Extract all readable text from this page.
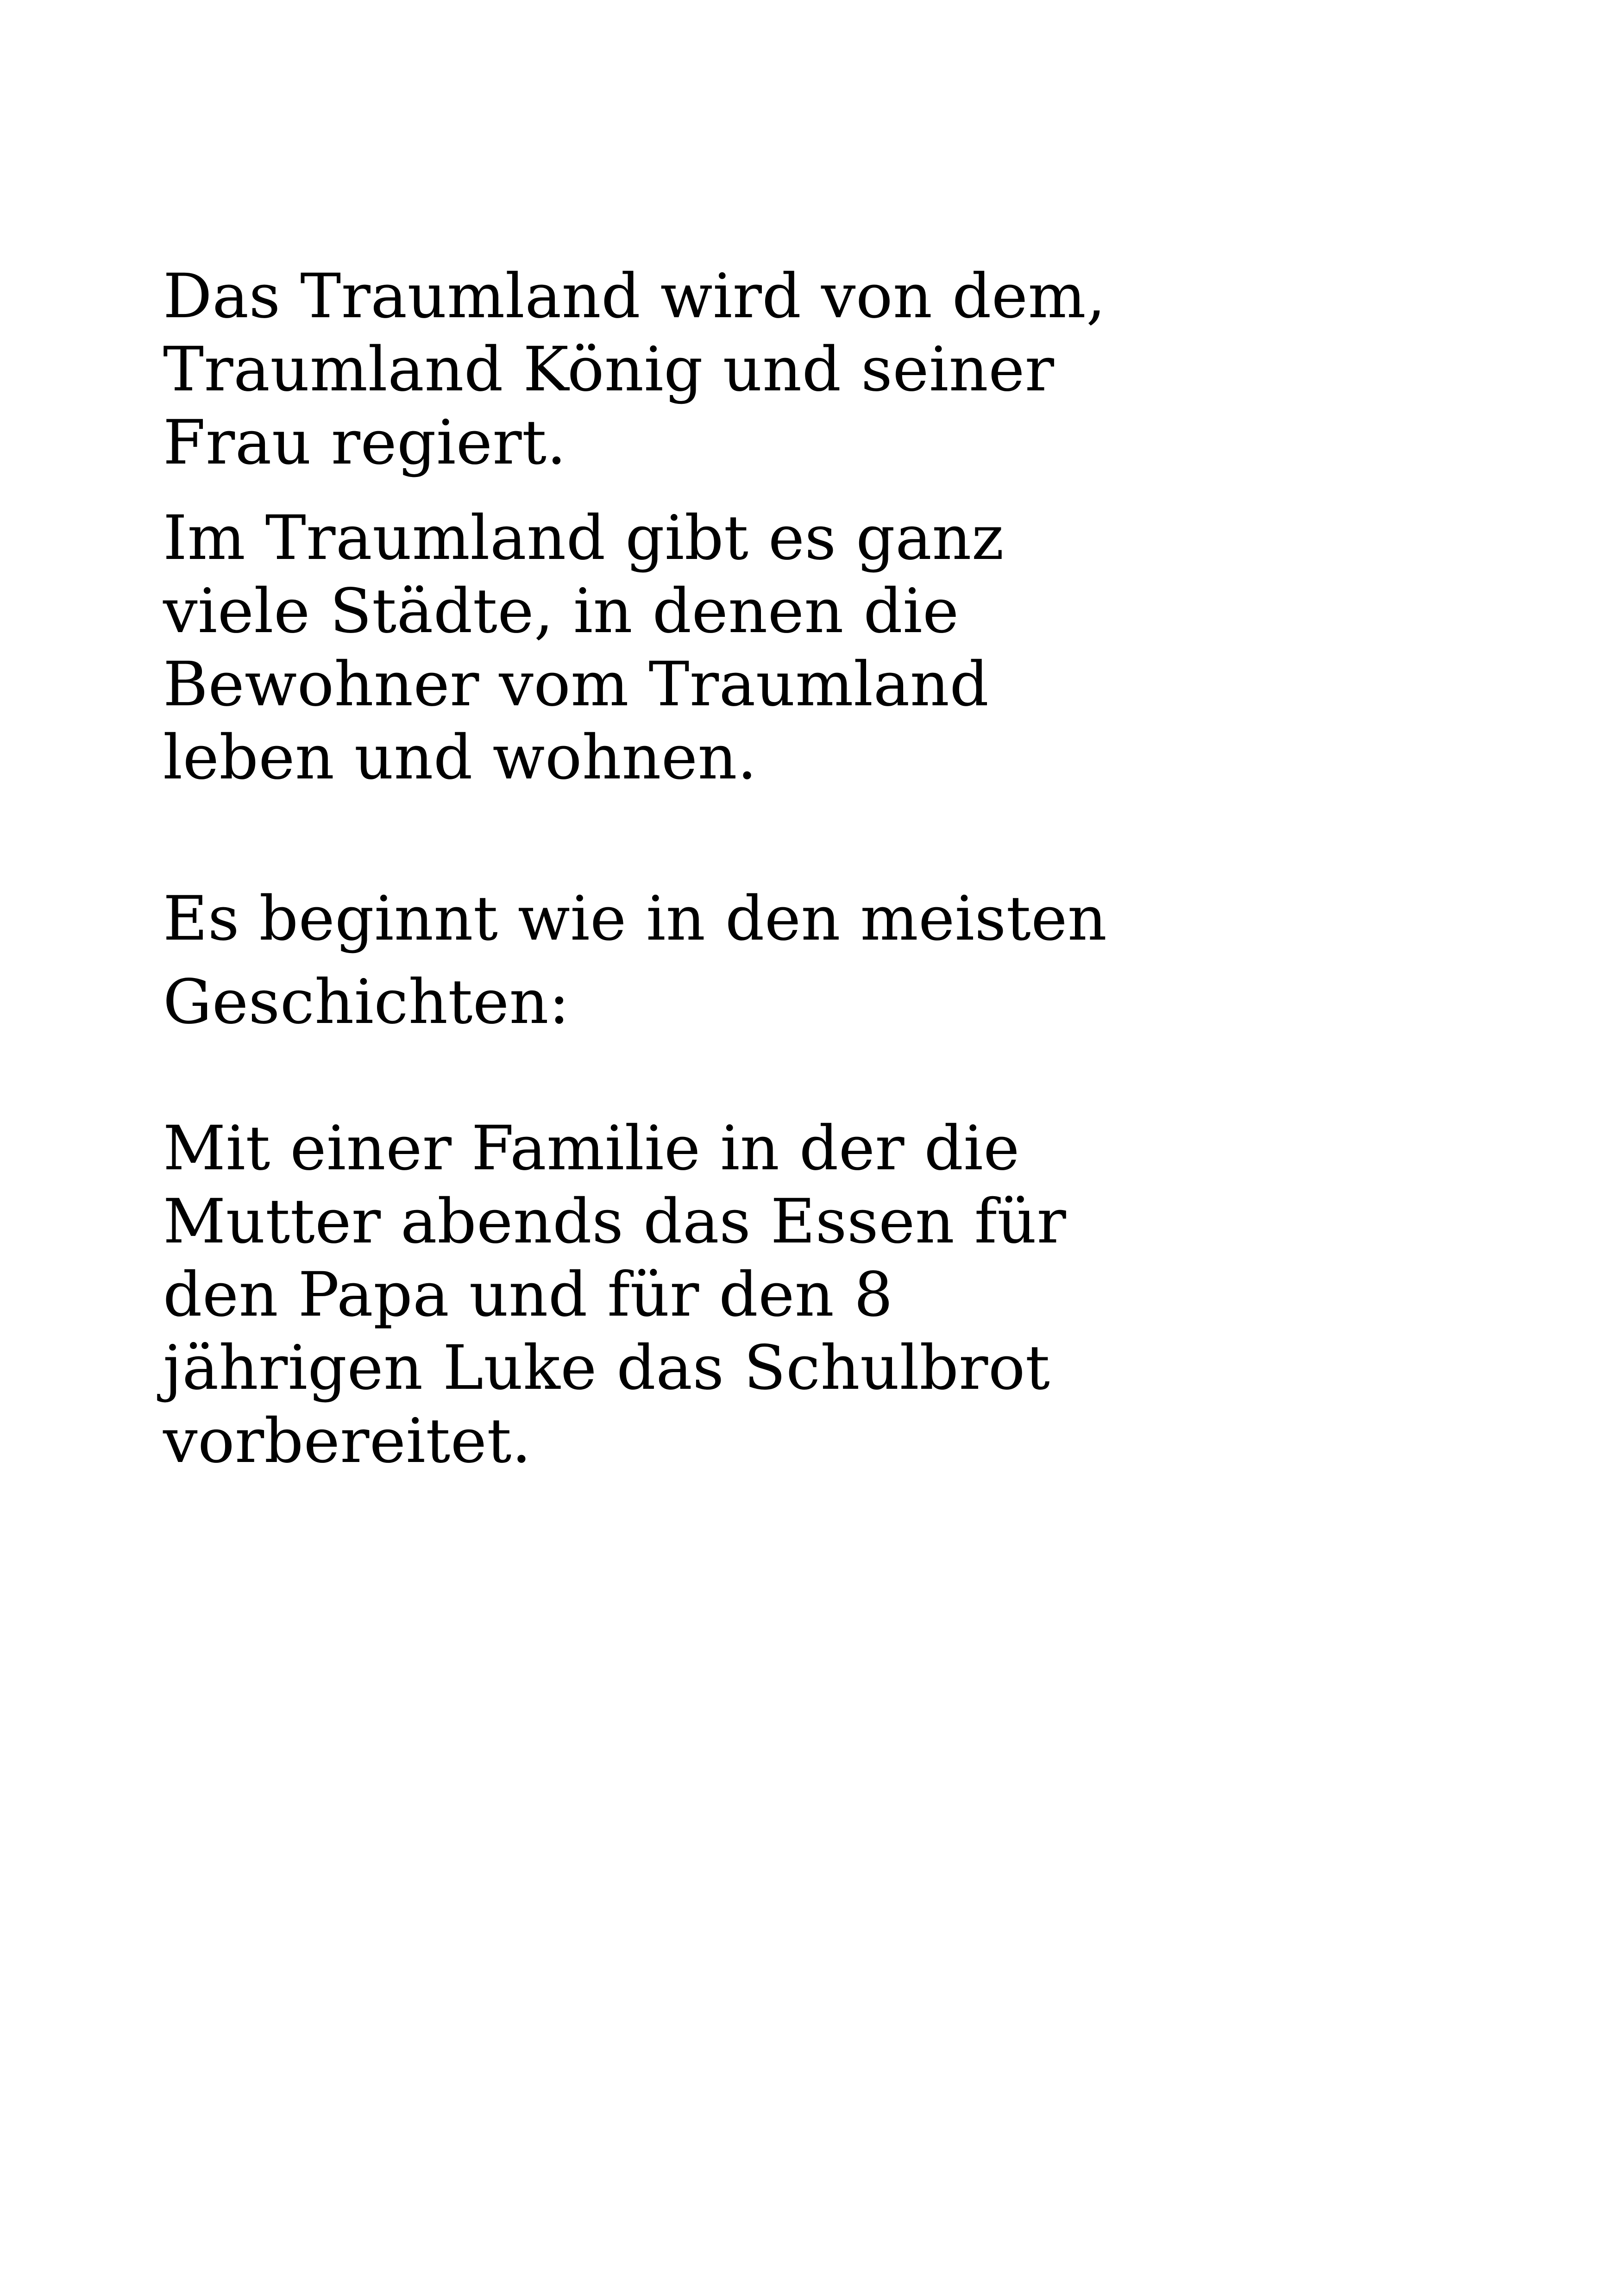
Das Traumland wird von dem,

Traumland König und seiner

Frau regiert.

Im Traumland gibt es ganz

viele Städte, in denen die

Bewohner vom Traumland

leben und wohnen.

Es beginnt wie in den meisten

Geschichten:

Mit einer Familie in der die

Mutter abends das Essen für

den Papa und für den 8

jährigen Luke das Schulbrot

vorbereitet.
